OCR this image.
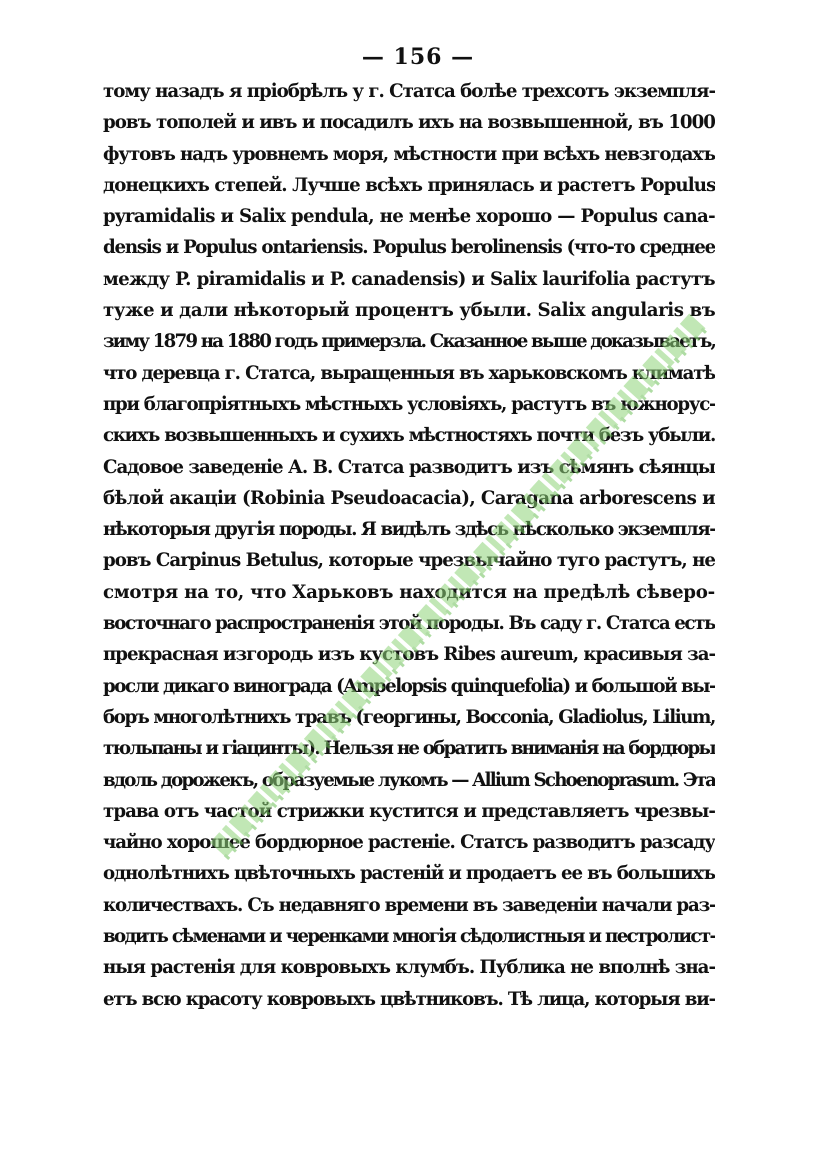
— 156 —
тому назадъ я пріобрѣлъ у г. Статса болѣе трехсотъ экземпля-
ровъ тополей и ивъ и посадилъ ихъ на возвышенной, въ 1000
футовъ надъ уровнемъ моря, мѣстности при всѣхъ невзгодахъ
донецкихъ степей. Лучше всѣхъ принялась и растетъ Populus
pyramidalis и Salix pendula, не менѣе хорошо — Populus cana-
densis и Populus ontariensis. Populus berolinensis (что-то среднее
между P. piramidalis и P. canadensis) и Salix laurifolia растутъ
туже и дали нѣкоторый процентъ убыли. Salix angularis въ
зиму 1879 на 1880 годъ примерзла. Сказанное выше доказываетъ,
что деревца г. Статса, выращенныя въ харьковскомъ климатѣ
при благопріятныхъ мѣстныхъ условіяхъ, растутъ въ южнорус-
скихъ возвышенныхъ и сухихъ мѣстностяхъ почти безъ убыли.
Садовое заведеніе А. В. Статса разводитъ изъ сѣмянъ сѣянцы
бѣлой акаціи (Robinia Pseudoacacia), Caragana arborescens и
нѣкоторыя другія породы. Я видѣлъ здѣсь нѣсколько экземпля-
ровъ Carpinus Betulus, которые чрезвычайно туго растутъ, не
смотря на то, что Харьковъ находится на предѣлѣ сѣверо-
восточнаго распространенія этой породы. Въ саду г. Статса есть
прекрасная изгородь изъ кустовъ Ribes aureum, красивыя за-
росли дикаго винограда (Ampelopsis quinquefolia) и большой вы-
боръ многолѣтнихъ травъ (георгины, Bocconia, Gladiolus, Lilium,
тюльпаны и гіацинты). Нельзя не обратить вниманія на бордюры
вдоль дорожекъ, образуемые лукомъ — Allium Schoenoprasum. Эта
трава отъ частой стрижки кустится и представляетъ чрезвы-
чайно хорошее бордюрное растеніе. Статсъ разводитъ разсаду
однолѣтнихъ цвѣточныхъ растеній и продаетъ ее въ большихъ
количествахъ. Съ недавняго времени въ заведеніи начали раз-
водить сѣменами и черенками многія сѣдолистныя и пестролист-
ныя растенія для ковровыхъ клумбъ. Публика не вполнѣ зна-
етъ всю красоту ковровыхъ цвѣтниковъ. Тѣ лица, которыя ви-
